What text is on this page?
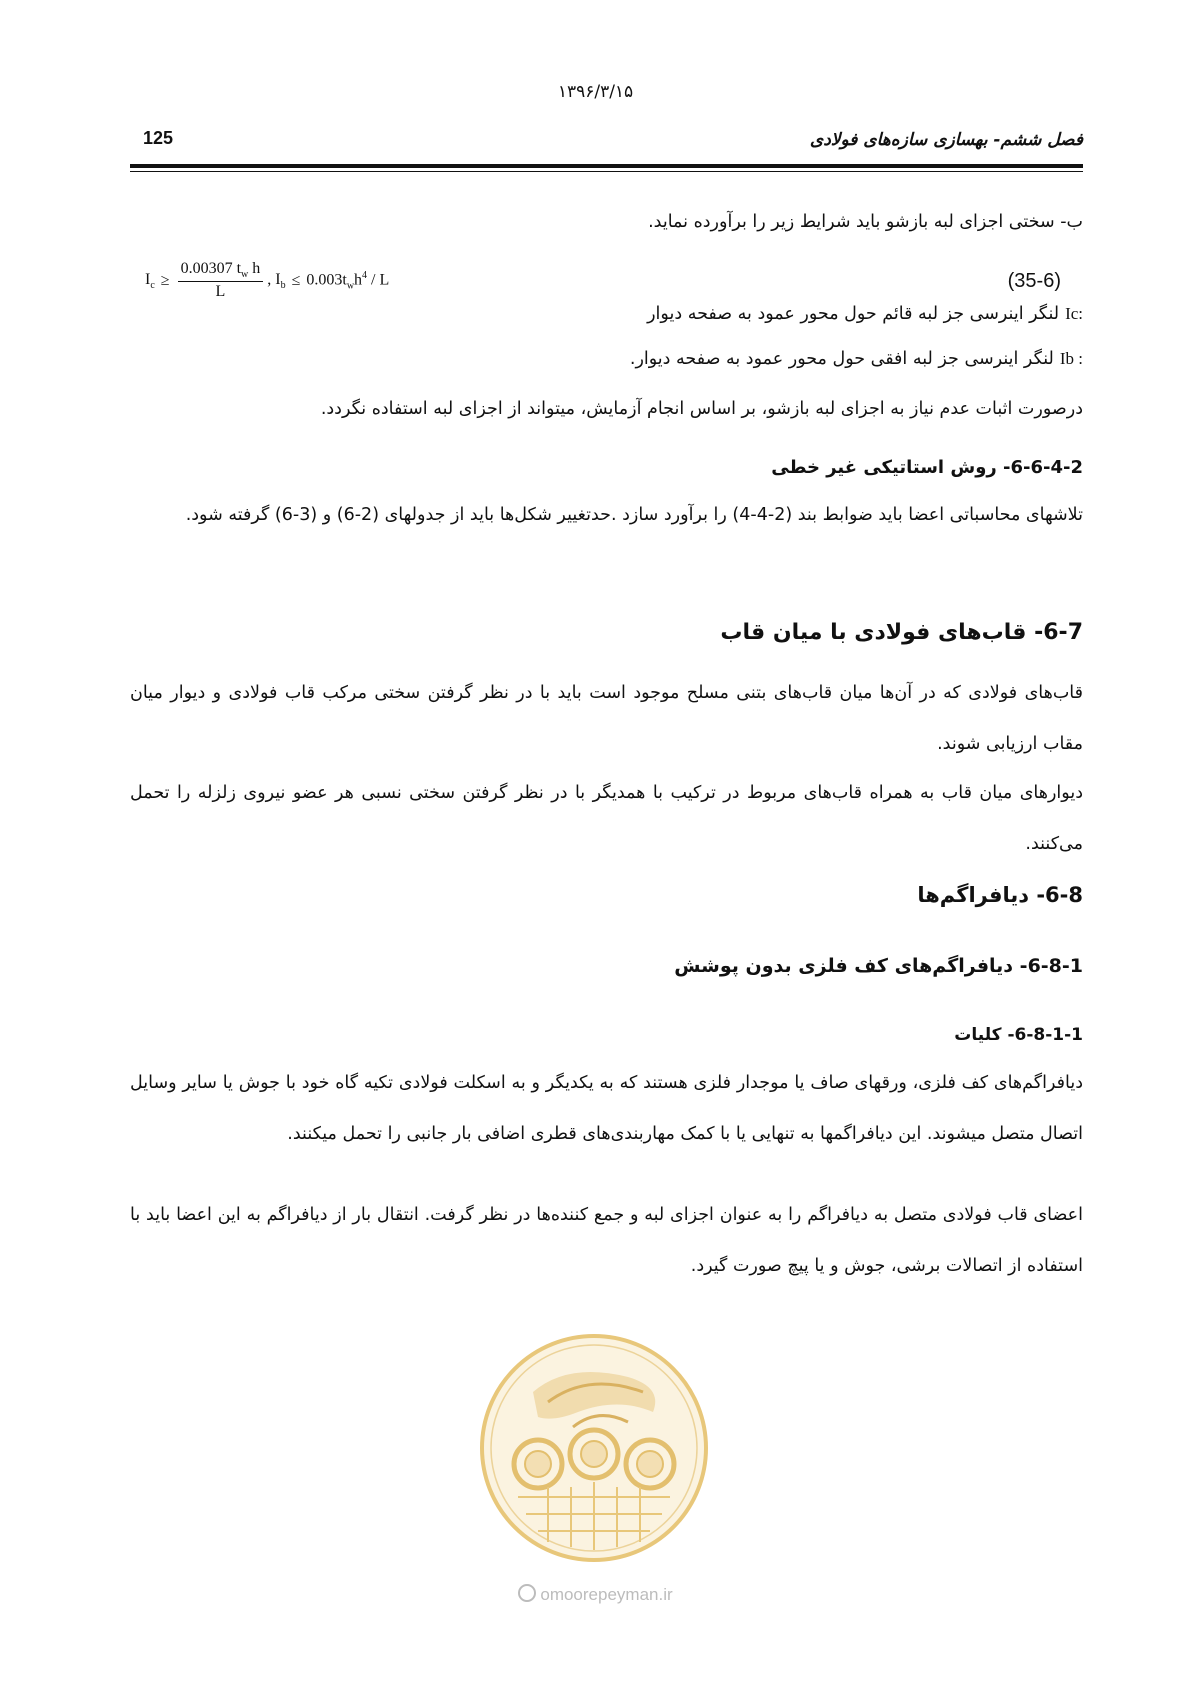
۱۳۹۶/۳/۱۵
125	فصل ششم- بهسازی سازه‌های فولادی
ب- سختی اجزای لبه بازشو باید شرایط زیر را برآورده نماید.
$I_c \ge \frac{0.00307 t_w h}{L}$ , $I_b \le 0.003t_wh^4 / L$	(35-6)
Ic:
لنگر اینرسی جز لبه قائم حول محور عمود به صفحه دیوار
Ib :
لنگر اینرسی جز لبه افقی حول محور عمود به صفحه دیوار.
درصورت اثبات عدم نیاز به اجزای لبه بازشو، بر اساس انجام آزمایش، میتواند از اجزای لبه استفاده نگردد.
6-6-4-2- روش استاتیکی غیر خطی
تلاشهای محاسباتی اعضا باید ضوابط بند (2-4-4) را برآورد سازد .حدتغییر شکل‌ها باید از جدولهای (2-6) و (3-6) گرفته شود.
6-7- قاب‌های فولادی با میان قاب
قاب‌های فولادی که در آن‌ها میان قاب‌های بتنی مسلح موجود است باید با در نظر گرفتن سختی مرکب قاب فولادی و دیوار میان مقاب ارزیابی شوند.
دیوارهای میان قاب به همراه قاب‌های مربوط در ترکیب با همدیگر با در نظر گرفتن سختی نسبی هر عضو نیروی زلزله را تحمل می‌کنند.
6-8- دیافراگم‌ها
6-8-1- دیافراگم‌های کف فلزی بدون پوشش
6-8-1-1- کلیات
دیافراگم‌های کف فلزی، ورقهای صاف یا موجدار فلزی هستند که به یکدیگر و به اسکلت فولادی تکیه گاه خود با جوش یا سایر وسایل اتصال متصل میشوند. این دیافراگمها به تنهایی یا با کمک مهاربندی‌های قطری اضافی بار جانبی را تحمل میکنند.
اعضای قاب فولادی متصل به دیافراگم را به عنوان اجزای لبه و جمع کننده‌ها در نظر گرفت. انتقال بار از دیافراگم به این اعضا باید با استفاده از اتصالات برشی، جوش و یا پیچ صورت گیرد.
omoorepeyman.ir
